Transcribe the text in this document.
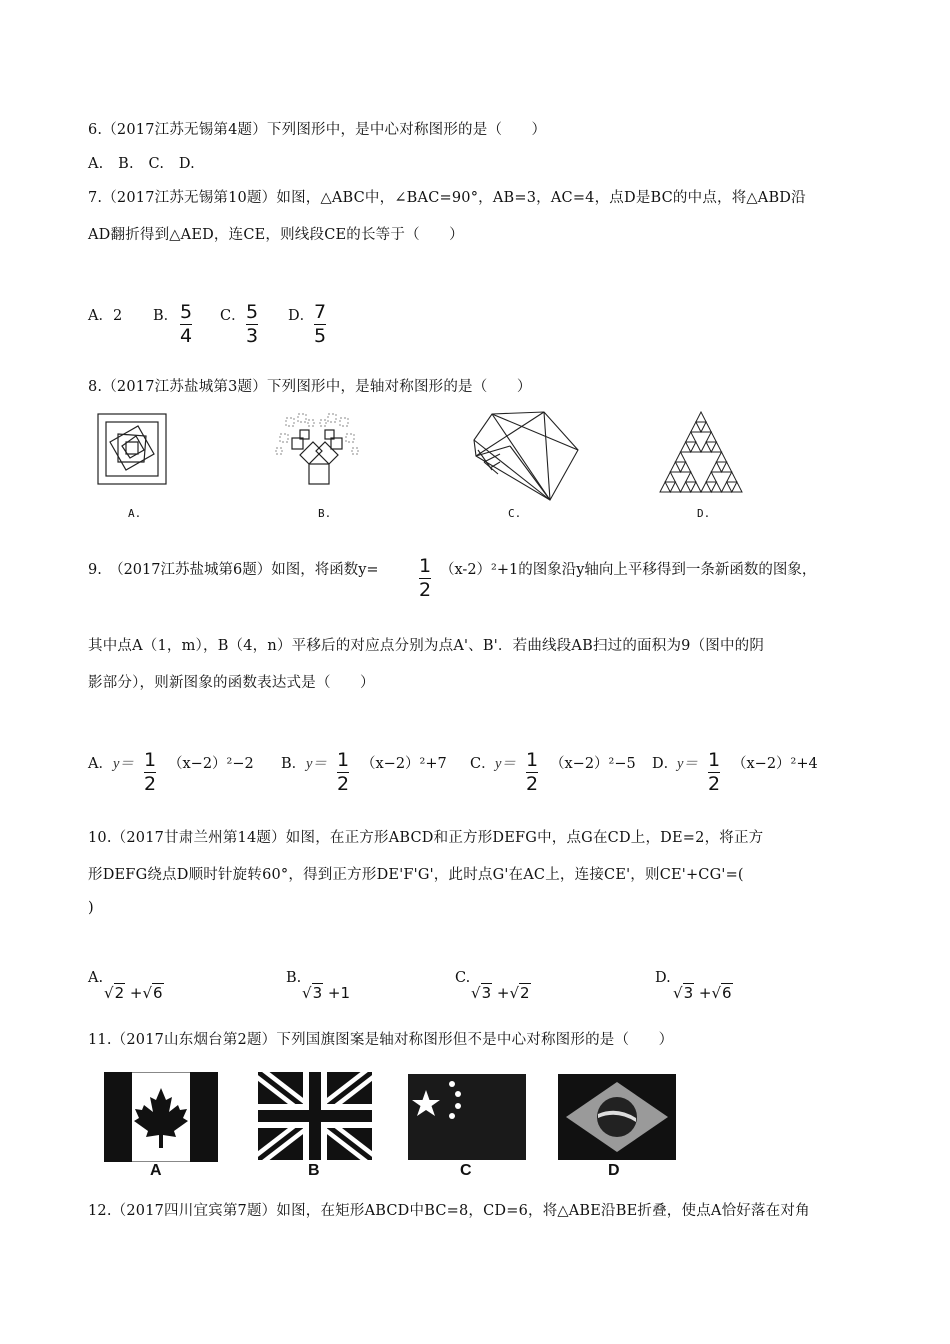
6.（2017江苏无锡第4题）下列图形中，是中心对称图形的是（　　）
A.　B.　C.　D.
7.（2017江苏无锡第10题）如图，△ABC中，∠BAC=90°，AB=3，AC=4，点D是BC的中点，将△ABD沿
AD翻折得到△AED，连CE，则线段CE的长等于（　　）
A．2 B． 5
4
C． 5
3
D． 7
5
8.（2017江苏盐城第3题）下列图形中，是轴对称图形的是（　　）
A.	B.	C.	D.
9.　（2017江苏盐城第6题）如图，将函数y= 1
2
（x-2）²+1的图象沿y轴向上平移得到一条新函数的图象，
其中点A（1，m），B（4，n）平移后的对应点分别为点A'、B'．若曲线段AB扫过的面积为9（图中的阴
影部分），则新图象的函数表达式是（　　）
A． y＝ 1
2
（x−2）²−2 B． y＝ 1
2
（x−2）²+7 C． y＝ 1
2
（x−2）²−5 D．
y＝ 1
2
（x−2）²+4
10.（2017甘肃兰州第14题）如图，在正方形ABCD和正方形DEFG中，点G在CD上，DE=2，将正方
形DEFG绕点D顺时针旋转60°，得到正方形DE'F'G'，此时点G'在AC上，连接CE'，则CE'+CG'=(
)
A.
√2 +√6
B.
√3 +1
C.
√3 +√2
D.
√3 +√6
11.（2017山东烟台第2题）下列国旗图案是轴对称图形但不是中心对称图形的是（　　）
A	B	C	D
12.（2017四川宜宾第7题）如图，在矩形ABCD中BC=8，CD=6，将△ABE沿BE折叠，使点A恰好落在对角
